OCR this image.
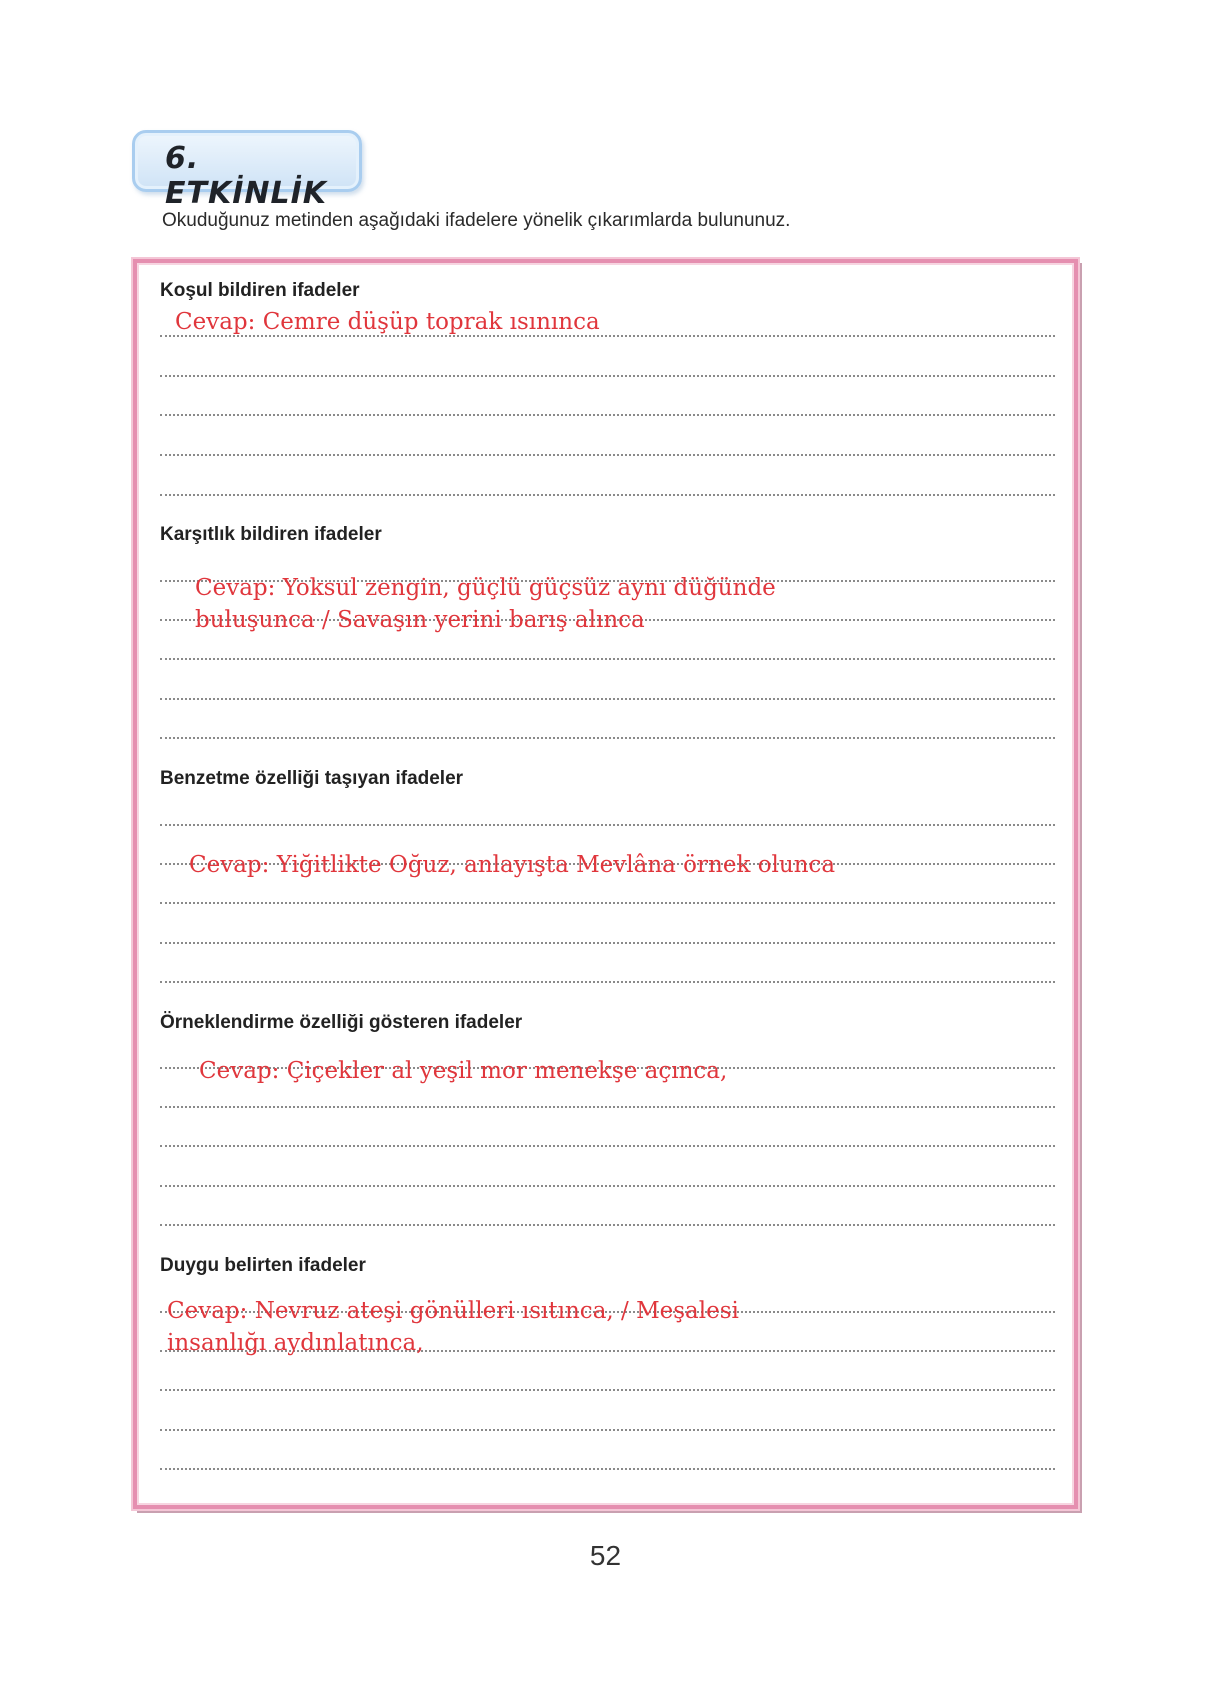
6. ETKİNLİK
Okuduğunuz metinden aşağıdaki ifadelere yönelik çıkarımlarda bulununuz.
Koşul bildiren ifadeler
Cevap: Cemre düşüp toprak ısınınca
Karşıtlık bildiren ifadeler
Cevap: Yoksul zengin, güçlü güçsüz aynı düğünde
buluşunca / Savaşın yerini barış alınca
Benzetme özelliği taşıyan ifadeler
Cevap: Yiğitlikte Oğuz, anlayışta Mevlâna örnek olunca
Örneklendirme özelliği gösteren ifadeler
Cevap: Çiçekler al yeşil mor menekşe açınca,
Duygu belirten ifadeler
Cevap: Nevruz ateşi gönülleri ısıtınca, / Meşalesi
insanlığı aydınlatınca,
52
